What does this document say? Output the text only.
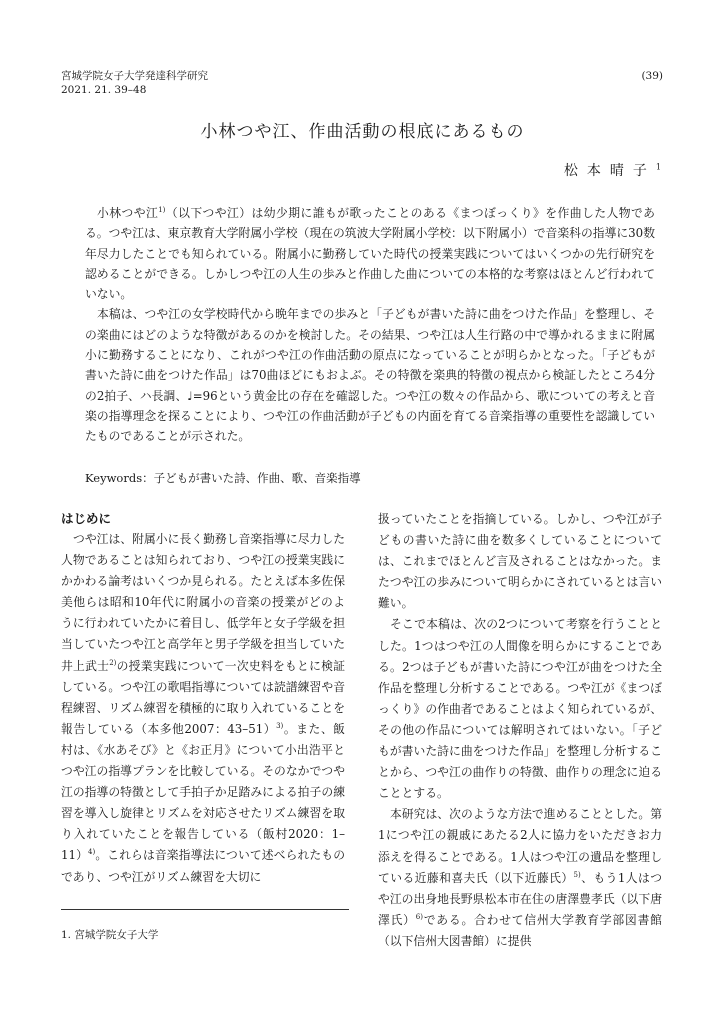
宮城学院女子大学発達科学研究
2021. 21. 39–48
(39)
小林つや江、作曲活動の根底にあるもの
松本晴子$^1$

小林つや江$^{1)}$（以下つや江）は幼少期に誰もが歌ったことのある《まつぼっくり》を作曲した人物である。つや江は、東京教育大学附属小学校（現在の筑波大学附属小学校：以下附属小）で音楽科の指導に30数年尽力したことでも知られている。附属小に勤務していた時代の授業実践についてはいくつかの先行研究を認めることができる。しかしつや江の人生の歩みと作曲した曲についての本格的な考察はほとんど行われていない。

本稿は、つや江の女学校時代から晩年までの歩みと「子どもが書いた詩に曲をつけた作品」を整理し、その楽曲にはどのような特徴があるのかを検討した。その結果、つや江は人生行路の中で導かれるままに附属小に勤務することになり、これがつや江の作曲活動の原点になっていることが明らかとなった。「子どもが書いた詩に曲をつけた作品」は70曲ほどにもおよぶ。その特徴を楽典的特徴の視点から検証したところ4分の2拍子、ハ長調、♩=96という黄金比の存在を確認した。つや江の数々の作品から、歌についての考えと音楽の指導理念を探ることにより、つや江の作曲活動が子どもの内面を育てる音楽指導の重要性を認識していたものであることが示された。

Keywords：子どもが書いた詩、作曲、歌、音楽指導
はじめに

つや江は、附属小に長く勤務し音楽指導に尽力した人物であることは知られており、つや江の授業実践にかかわる論考はいくつか見られる。たとえば本多佐保美他らは昭和10年代に附属小の音楽の授業がどのように行われていたかに着目し、低学年と女子学級を担当していたつや江と高学年と男子学級を担当していた井上武士$^{2)}$の授業実践について一次史料をもとに検証している。つや江の歌唱指導については読譜練習や音程練習、リズム練習を積極的に取り入れていることを報告している（本多他2007：43–51）$^{3)}$。また、飯村は、《水あそび》と《お正月》について小出浩平とつや江の指導プランを比較している。そのなかでつや江の指導の特徴として手拍子か足踏みによる拍子の練習を導入し旋律とリズムを対応させたリズム練習を取り入れていたことを報告している（飯村2020：1–11）$^{4)}$。これらは音楽指導法について述べられたものであり、つや江がリズム練習を大切に

扱っていたことを指摘している。しかし、つや江が子どもの書いた詩に曲を数多くしていることについては、これまでほとんど言及されることはなかった。またつや江の歩みについて明らかにされているとは言い難い。

そこで本稿は、次の2つについて考察を行うこととした。1つはつや江の人間像を明らかにすることである。2つは子どもが書いた詩につや江が曲をつけた全作品を整理し分析することである。つや江が《まつぼっくり》の作曲者であることはよく知られているが、その他の作品については解明されてはいない。「子どもが書いた詩に曲をつけた作品」を整理し分析することから、つや江の曲作りの特徴、曲作りの理念に迫ることとする。

本研究は、次のような方法で進めることとした。第1につや江の親戚にあたる2人に協力をいただきお力添えを得ることである。1人はつや江の遺品を整理している近藤和喜夫氏（以下近藤氏）$^{5)}$、もう1人はつや江の出身地長野県松本市在住の唐澤豊孝氏（以下唐澤氏）$^{6)}$である。合わせて信州大学教育学部図書館（以下信州大図書館）に提供

1. 宮城学院女子大学
